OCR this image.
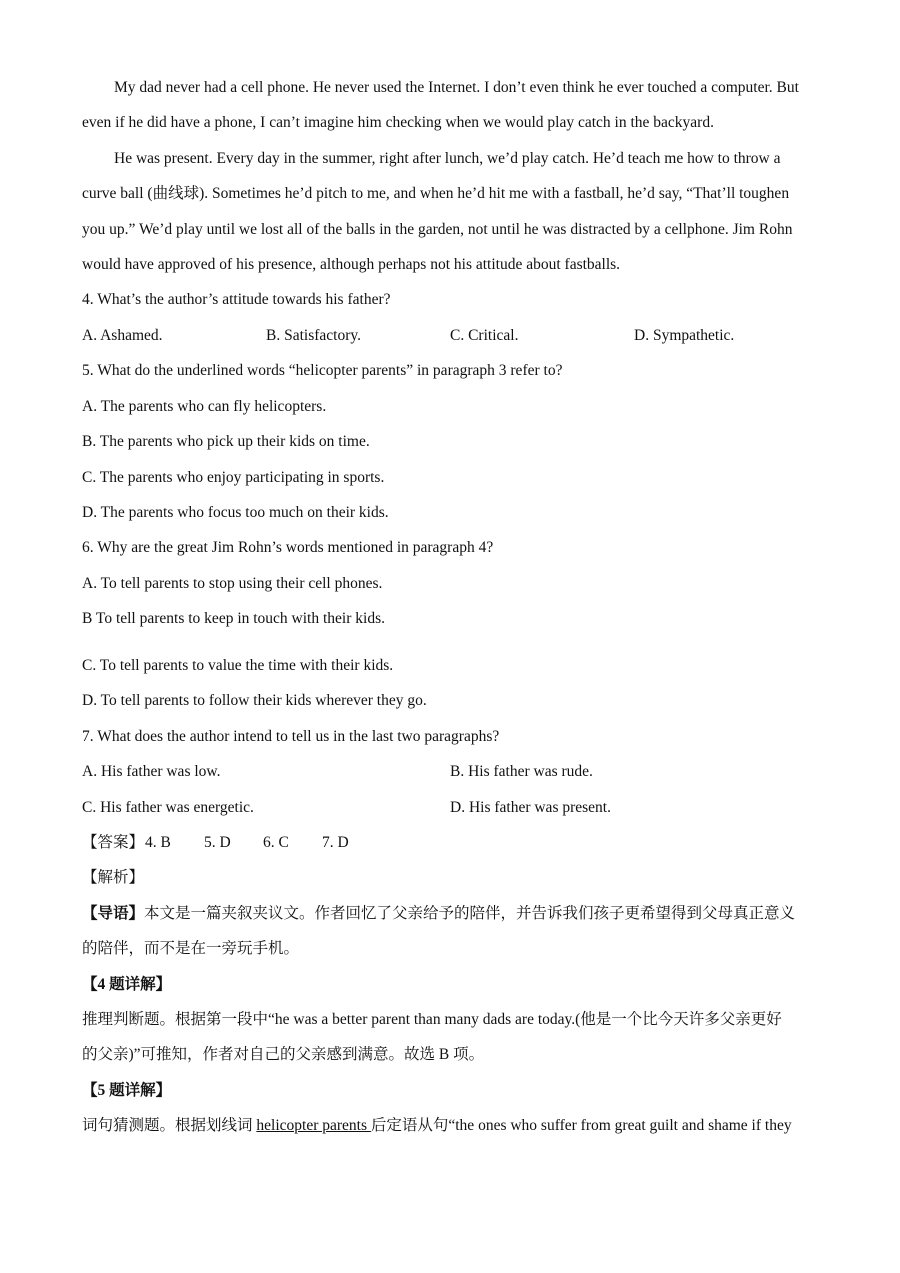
My dad never had a cell phone. He never used the Internet. I don’t even think he ever touched a computer. But
even if he did have a phone, I can’t imagine him checking when we would play catch in the backyard.
He was present. Every day in the summer, right after lunch, we’d play catch. He’d teach me how to throw a
curve ball (曲线球). Sometimes he’d pitch to me, and when he’d hit me with a fastball, he’d say, “That’ll toughen
you up.” We’d play until we lost all of the balls in the garden, not until he was distracted by a cellphone. Jim Rohn
would have approved of his presence, although perhaps not his attitude about fastballs.
4. What’s the author’s attitude towards his father?
A. Ashamed.	B. Satisfactory.	C. Critical.	D. Sympathetic.
5. What do the underlined words “helicopter parents” in paragraph 3 refer to?
A. The parents who can fly helicopters.
B. The parents who pick up their kids on time.
C. The parents who enjoy participating in sports.
D. The parents who focus too much on their kids.
6. Why are the great Jim Rohn’s words mentioned in paragraph 4?
A. To tell parents to stop using their cell phones.
B To tell parents to keep in touch with their kids.
C. To tell parents to value the time with their kids.
D. To tell parents to follow their kids wherever they go.
7. What does the author intend to tell us in the last two paragraphs?
A. His father was low.	B. His father was rude.
C. His father was energetic.	D. His father was present.
【答案】 4. B 5. D 6. C 7. D
【解析】
【导语】本文是一篇夹叙夹议文。作者回忆了父亲给予的陪伴，并告诉我们孩子更希望得到父母真正意义
的陪伴，而不是在一旁玩手机。
【4 题详解】
推理判断题。根据第一段中“he was a better parent than many dads are today.(他是一个比今天许多父亲更好
的父亲)”可推知，作者对自己的父亲感到满意。故选 B 项。
【5 题详解】
词句猜测题。根据划线词 helicopter parents 后定语从句“the ones who suffer from great guilt and shame if they
